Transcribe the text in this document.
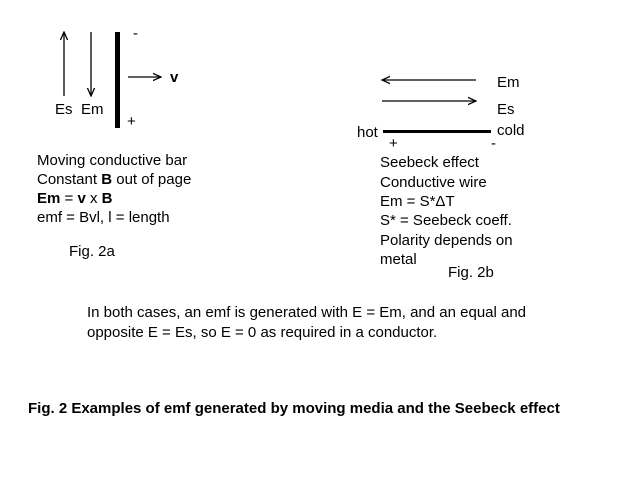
-
+
v
Es Em
Moving conductive bar
Constant B out of page
Em = v x B
emf = Bvl, l = length
Fig. 2a
Em
Es
hot	cold
+	-
Seebeck effect
Conductive wire
Em = S*ΔT
S* = Seebeck coeff.
Polarity depends on
metal
Fig. 2b
In both cases, an emf is generated with E = Em, and an equal and
opposite E = Es, so E = 0 as required in a conductor.
Fig. 2 Examples of emf generated by moving media and the Seebeck effect
